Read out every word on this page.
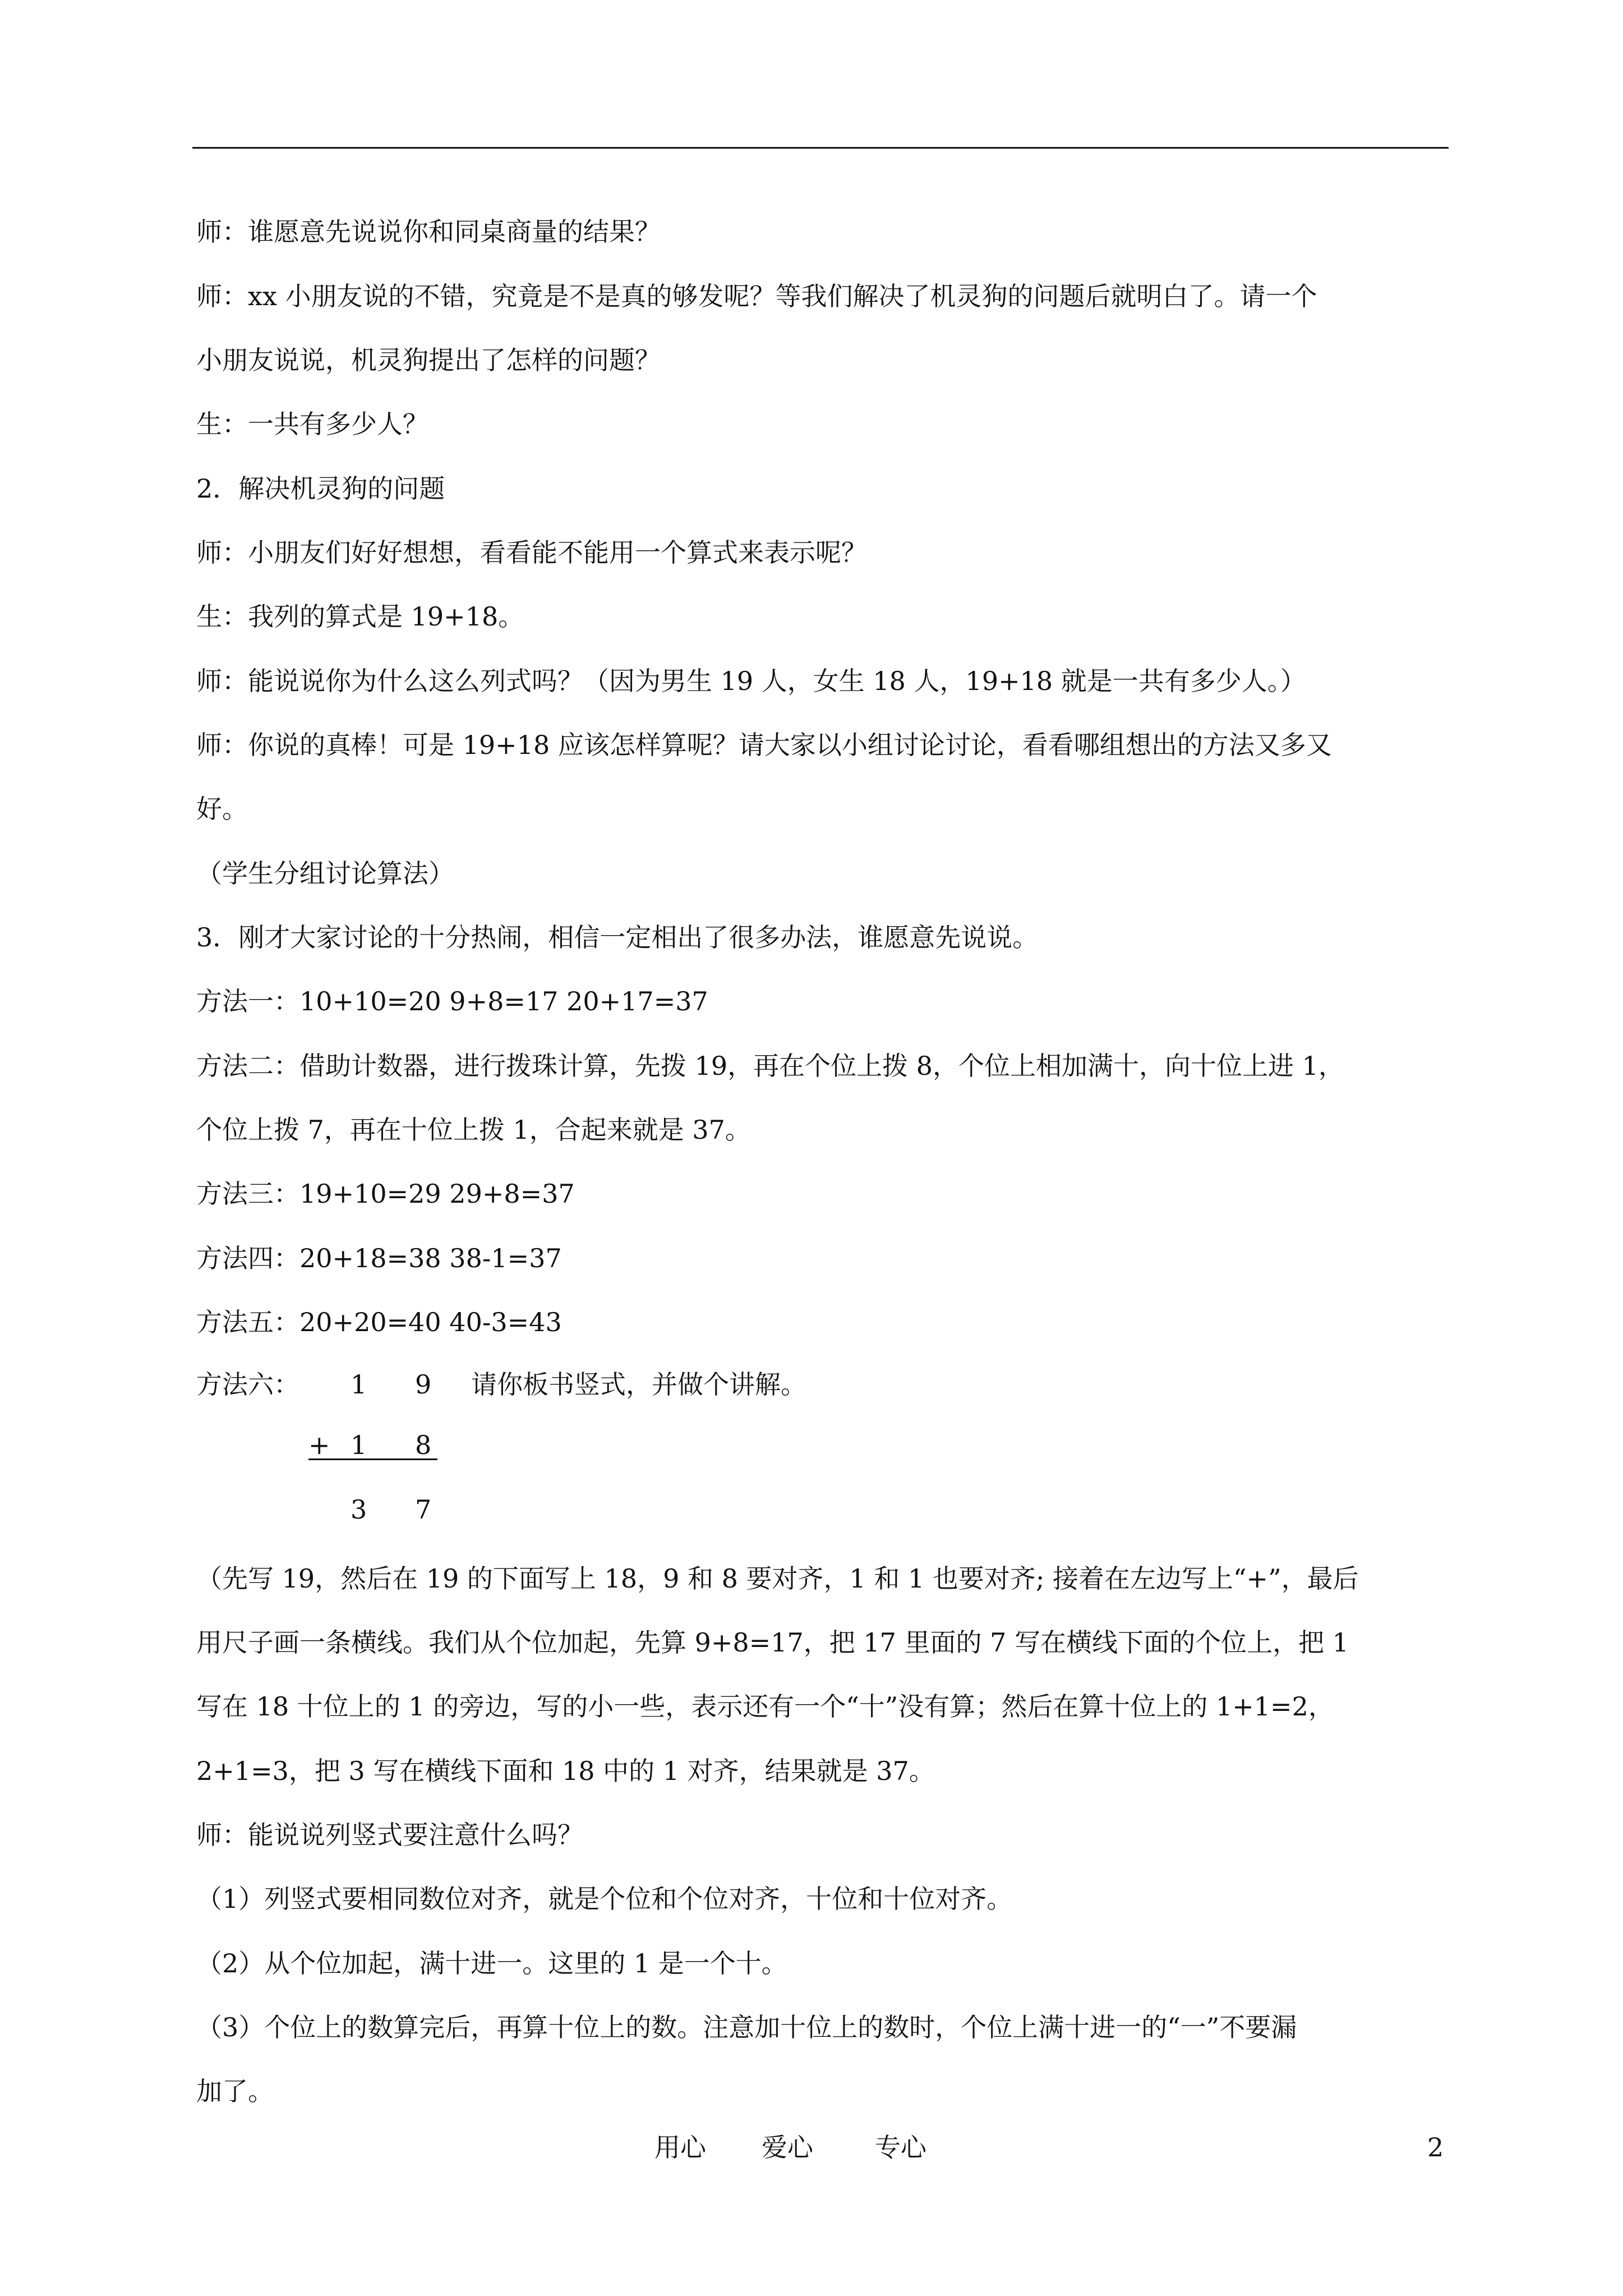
师：谁愿意先说说你和同桌商量的结果？
师：xx 小朋友说的不错，究竟是不是真的够发呢？等我们解决了机灵狗的问题后就明白了。请一个
小朋友说说，机灵狗提出了怎样的问题？
生：一共有多少人？
2．解决机灵狗的问题
师：小朋友们好好想想，看看能不能用一个算式来表示呢？
生：我列的算式是 19+18。
师：能说说你为什么这么列式吗？（因为男生 19 人，女生 18 人，19+18 就是一共有多少人。）
师：你说的真棒！可是 19+18 应该怎样算呢？请大家以小组讨论讨论，看看哪组想出的方法又多又
好。
（学生分组讨论算法）
3．刚才大家讨论的十分热闹，相信一定相出了很多办法，谁愿意先说说。
方法一：10+10=20 9+8=17 20+17=37
方法二：借助计数器，进行拨珠计算，先拨 19，再在个位上拨 8，个位上相加满十，向十位上进 1，
个位上拨 7，再在十位上拨 1，合起来就是 37。
方法三：19+10=29 29+8=37
方法四：20+18=38 38-1=37
方法五：20+20=40 40-3=43
方法六： 1 9 请你板书竖式，并做个讲解。
+ 1 8
3 7
（先写 19，然后在 19 的下面写上 18，9 和 8 要对齐，1 和 1 也要对齐; 接着在左边写上“+”，最后
用尺子画一条横线。我们从个位加起，先算 9+8=17，把 17 里面的 7 写在横线下面的个位上，把 1
写在 18 十位上的 1 的旁边，写的小一些，表示还有一个“十”没有算；然后在算十位上的 1+1=2，
2+1=3，把 3 写在横线下面和 18 中的 1 对齐，结果就是 37。
师：能说说列竖式要注意什么吗？
（1）列竖式要相同数位对齐，就是个位和个位对齐，十位和十位对齐。
（2）从个位加起，满十进一。这里的 1 是一个十。
（3）个位上的数算完后，再算十位上的数。注意加十位上的数时，个位上满十进一的“一”不要漏
加了。
用心 爱心 专心	2
